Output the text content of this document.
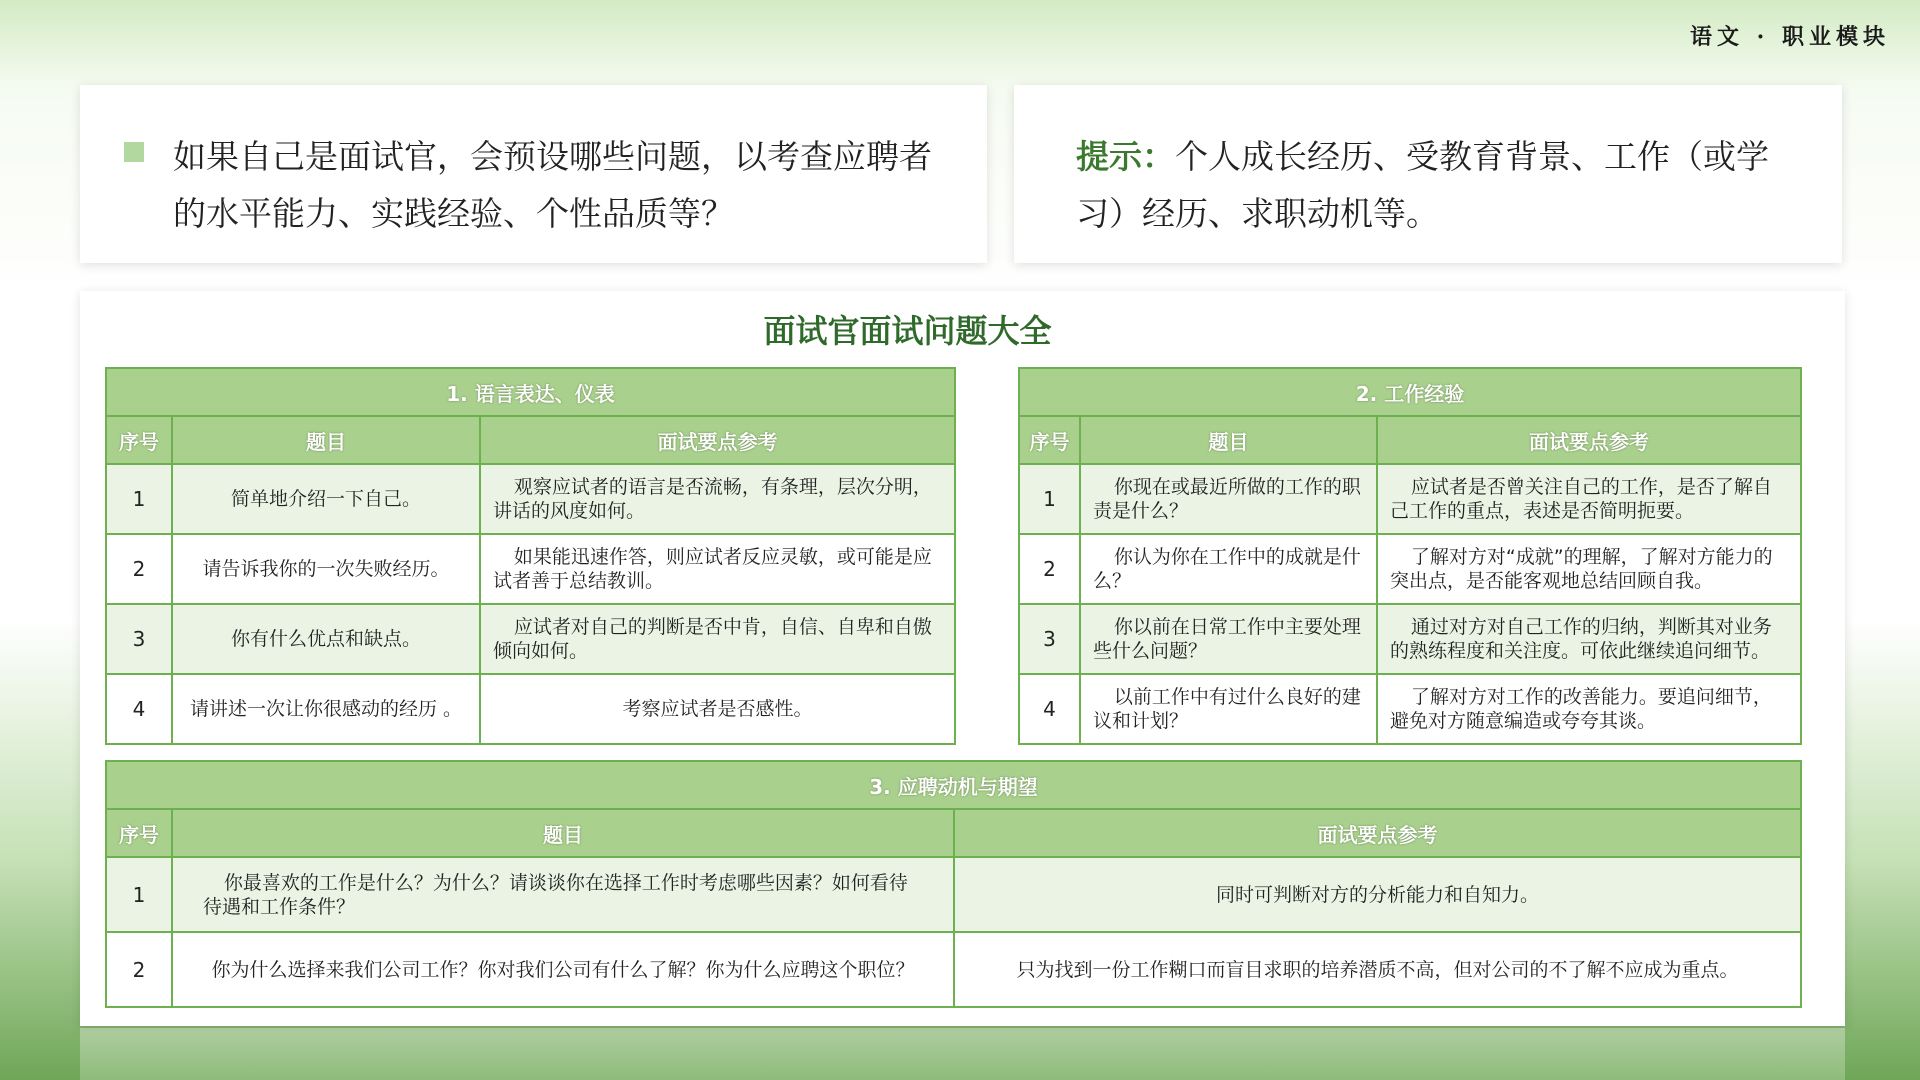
语文 · 职业模块
如果自己是面试官，会预设哪些问题，以考查应聘者的水平能力、实践经验、个性品质等？
提示：个人成长经历、受教育背景、工作（或学习）经历、求职动机等。
面试官面试问题大全
1. 语言表达、仪表		
序号	题目	面试要点参考
1	简单地介绍一下自己。	观察应试者的语言是否流畅，有条理，层次分明，讲话的风度如何。
2	请告诉我你的一次失败经历。	如果能迅速作答，则应试者反应灵敏，或可能是应试者善于总结教训。
3	你有什么优点和缺点。	应试者对自己的判断是否中肯，自信、自卑和自傲倾向如何。
4	请讲述一次让你很感动的经历 。	考察应试者是否感性。
2. 工作经验		
序号	题目	面试要点参考
1	你现在或最近所做的工作的职责是什么？	应试者是否曾关注自己的工作，是否了解自己工作的重点，表述是否简明扼要。
2	你认为你在工作中的成就是什么？	了解对方对“成就”的理解，了解对方能力的突出点，是否能客观地总结回顾自我。
3	你以前在日常工作中主要处理些什么问题？	通过对方对自己工作的归纳，判断其对业务的熟练程度和关注度。可依此继续追问细节。
4	以前工作中有过什么良好的建议和计划？	了解对方对工作的改善能力。要追问细节，避免对方随意编造或夸夸其谈。
3. 应聘动机与期望		
序号	题目	面试要点参考
1	你最喜欢的工作是什么？为什么？请谈谈你在选择工作时考虑哪些因素？如何看待待遇和工作条件？	同时可判断对方的分析能力和自知力。
2	你为什么选择来我们公司工作？你对我们公司有什么了解？你为什么应聘这个职位？	只为找到一份工作糊口而盲目求职的培养潜质不高，但对公司的不了解不应成为重点。
